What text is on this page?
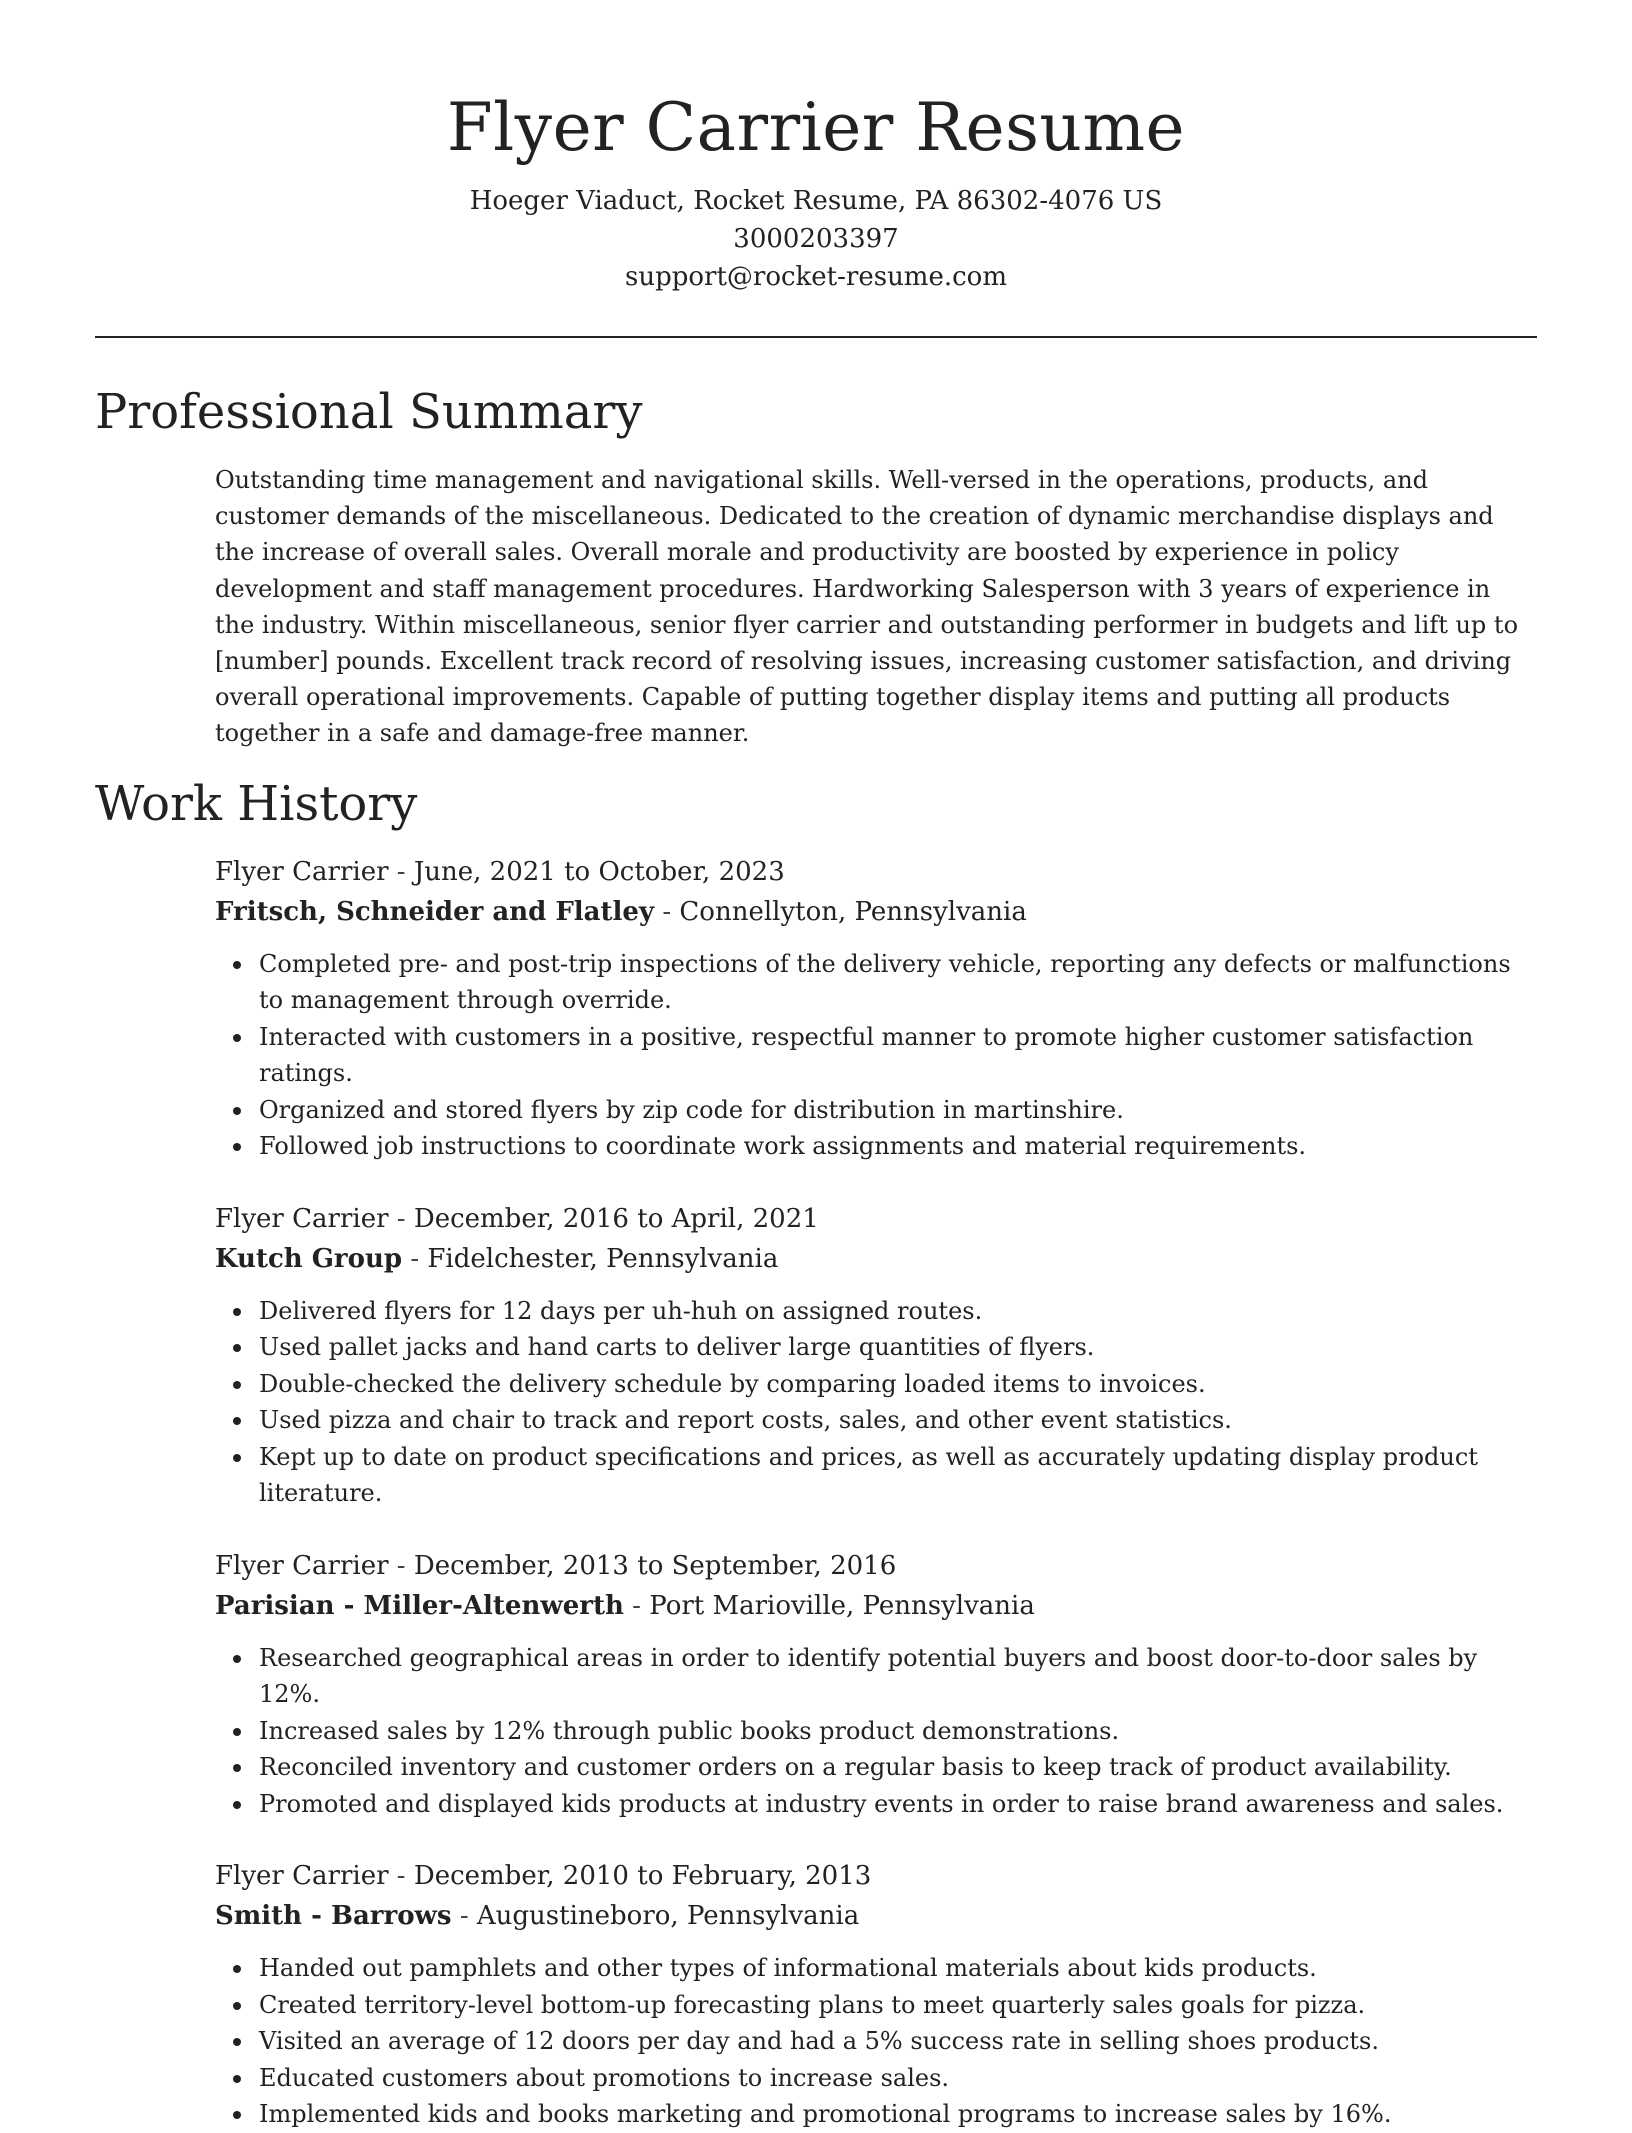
Flyer Carrier Resume
Hoeger Viaduct, Rocket Resume, PA 86302-4076 US
3000203397
support@rocket-resume.com
Professional Summary

Outstanding time management and navigational skills. Well-versed in the operations, products, and customer demands of the miscellaneous. Dedicated to the creation of dynamic merchandise displays and the increase of overall sales. Overall morale and productivity are boosted by experience in policy development and staff management procedures. Hardworking Salesperson with 3 years of experience in the industry. Within miscellaneous, senior flyer carrier and outstanding performer in budgets and lift up to [number] pounds. Excellent track record of resolving issues, increasing customer satisfaction, and driving overall operational improvements. Capable of putting together display items and putting all products together in a safe and damage-free manner.

Work History
Flyer Carrier - June, 2021 to October, 2023
Fritsch, Schneider and Flatley - Connellyton, Pennsylvania
Completed pre- and post-trip inspections of the delivery vehicle, reporting any defects or malfunctions to management through override.
Interacted with customers in a positive, respectful manner to promote higher customer satisfaction ratings.
Organized and stored flyers by zip code for distribution in martinshire.
Followed job instructions to coordinate work assignments and material requirements.
Flyer Carrier - December, 2016 to April, 2021
Kutch Group - Fidelchester, Pennsylvania
Delivered flyers for 12 days per uh-huh on assigned routes.
Used pallet jacks and hand carts to deliver large quantities of flyers.
Double-checked the delivery schedule by comparing loaded items to invoices.
Used pizza and chair to track and report costs, sales, and other event statistics.
Kept up to date on product specifications and prices, as well as accurately updating display product literature.
Flyer Carrier - December, 2013 to September, 2016
Parisian - Miller-Altenwerth - Port Marioville, Pennsylvania
Researched geographical areas in order to identify potential buyers and boost door-to-door sales by 12%.
Increased sales by 12% through public books product demonstrations.
Reconciled inventory and customer orders on a regular basis to keep track of product availability.
Promoted and displayed kids products at industry events in order to raise brand awareness and sales.
Flyer Carrier - December, 2010 to February, 2013
Smith - Barrows - Augustineboro, Pennsylvania
Handed out pamphlets and other types of informational materials about kids products.
Created territory-level bottom-up forecasting plans to meet quarterly sales goals for pizza.
Visited an average of 12 doors per day and had a 5% success rate in selling shoes products.
Educated customers about promotions to increase sales.
Implemented kids and books marketing and promotional programs to increase sales by 16%.
